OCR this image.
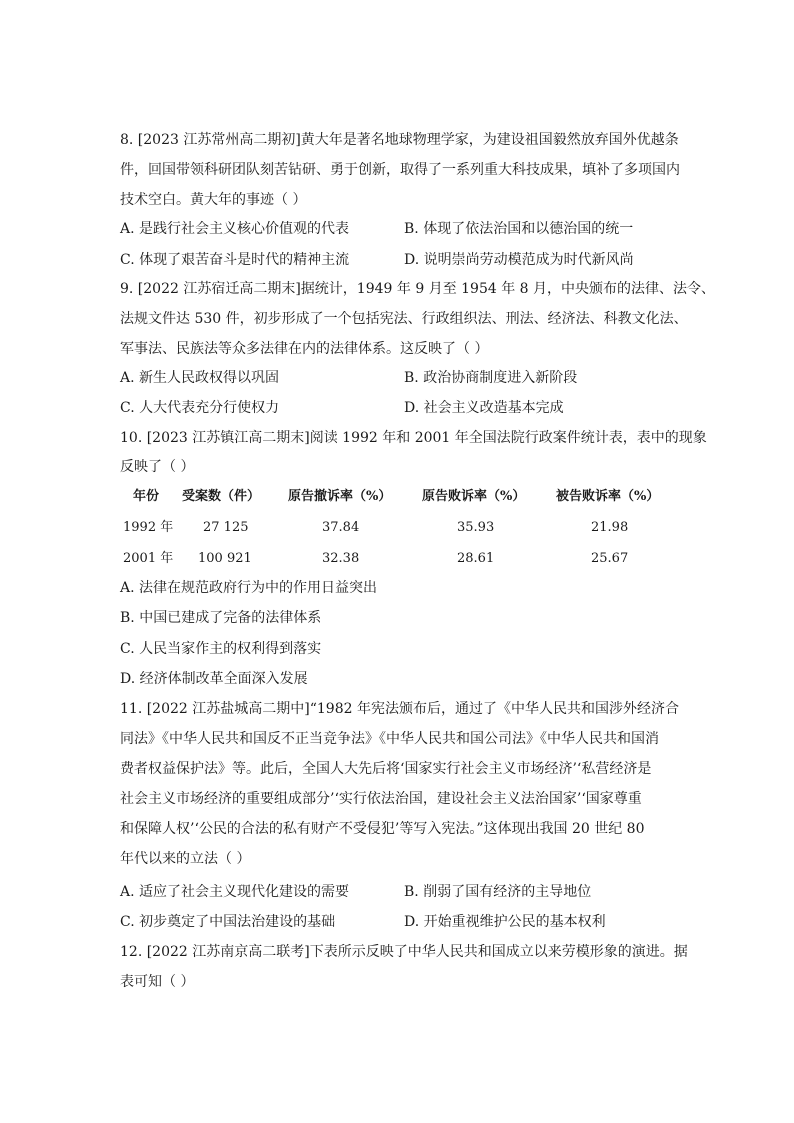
8. [2023 江苏常州高二期初]黄大年是著名地球物理学家，为建设祖国毅然放弃国外优越条
件，回国带领科研团队刻苦钻研、勇于创新，取得了一系列重大科技成果，填补了多项国内
技术空白。黄大年的事迹（ ）
A. 是践行社会主义核心价值观的代表	B. 体现了依法治国和以德治国的统一
C. 体现了艰苦奋斗是时代的精神主流	D. 说明崇尚劳动模范成为时代新风尚
9. [2022 江苏宿迁高二期末]据统计，1949 年 9 月至 1954 年 8 月，中央颁布的法律、法令、
法规文件达 530 件，初步形成了一个包括宪法、行政组织法、刑法、经济法、科教文化法、
军事法、民族法等众多法律在内的法律体系。这反映了（ ）
A. 新生人民政权得以巩固	B. 政治协商制度进入新阶段
C. 人大代表充分行使权力	D. 社会主义改造基本完成
10. [2023 江苏镇江高二期末]阅读 1992 年和 2001 年全国法院行政案件统计表，表中的现象
反映了（ ）
年份 受案数（件） 原告撤诉率（%） 原告败诉率（%） 被告败诉率（%）
1992 年 27 125	37.84	35.93	21.98
2001 年 100 921	32.38	28.61	25.67
A. 法律在规范政府行为中的作用日益突出
B. 中国已建成了完备的法律体系
C. 人民当家作主的权利得到落实
D. 经济体制改革全面深入发展
11. [2022 江苏盐城高二期中]“1982 年宪法颁布后，通过了《中华人民共和国涉外经济合
同法》《中华人民共和国反不正当竞争法》《中华人民共和国公司法》《中华人民共和国消
费者权益保护法》等。此后，全国人大先后将‘国家实行社会主义市场经济’‘私营经济是
社会主义市场经济的重要组成部分’‘实行依法治国，建设社会主义法治国家’‘国家尊重
和保障人权’‘公民的合法的私有财产不受侵犯’等写入宪法。”这体现出我国 20 世纪 80
年代以来的立法（ ）
A. 适应了社会主义现代化建设的需要	B. 削弱了国有经济的主导地位
C. 初步奠定了中国法治建设的基础	D. 开始重视维护公民的基本权利
12. [2022 江苏南京高二联考]下表所示反映了中华人民共和国成立以来劳模形象的演进。据
表可知（ ）
